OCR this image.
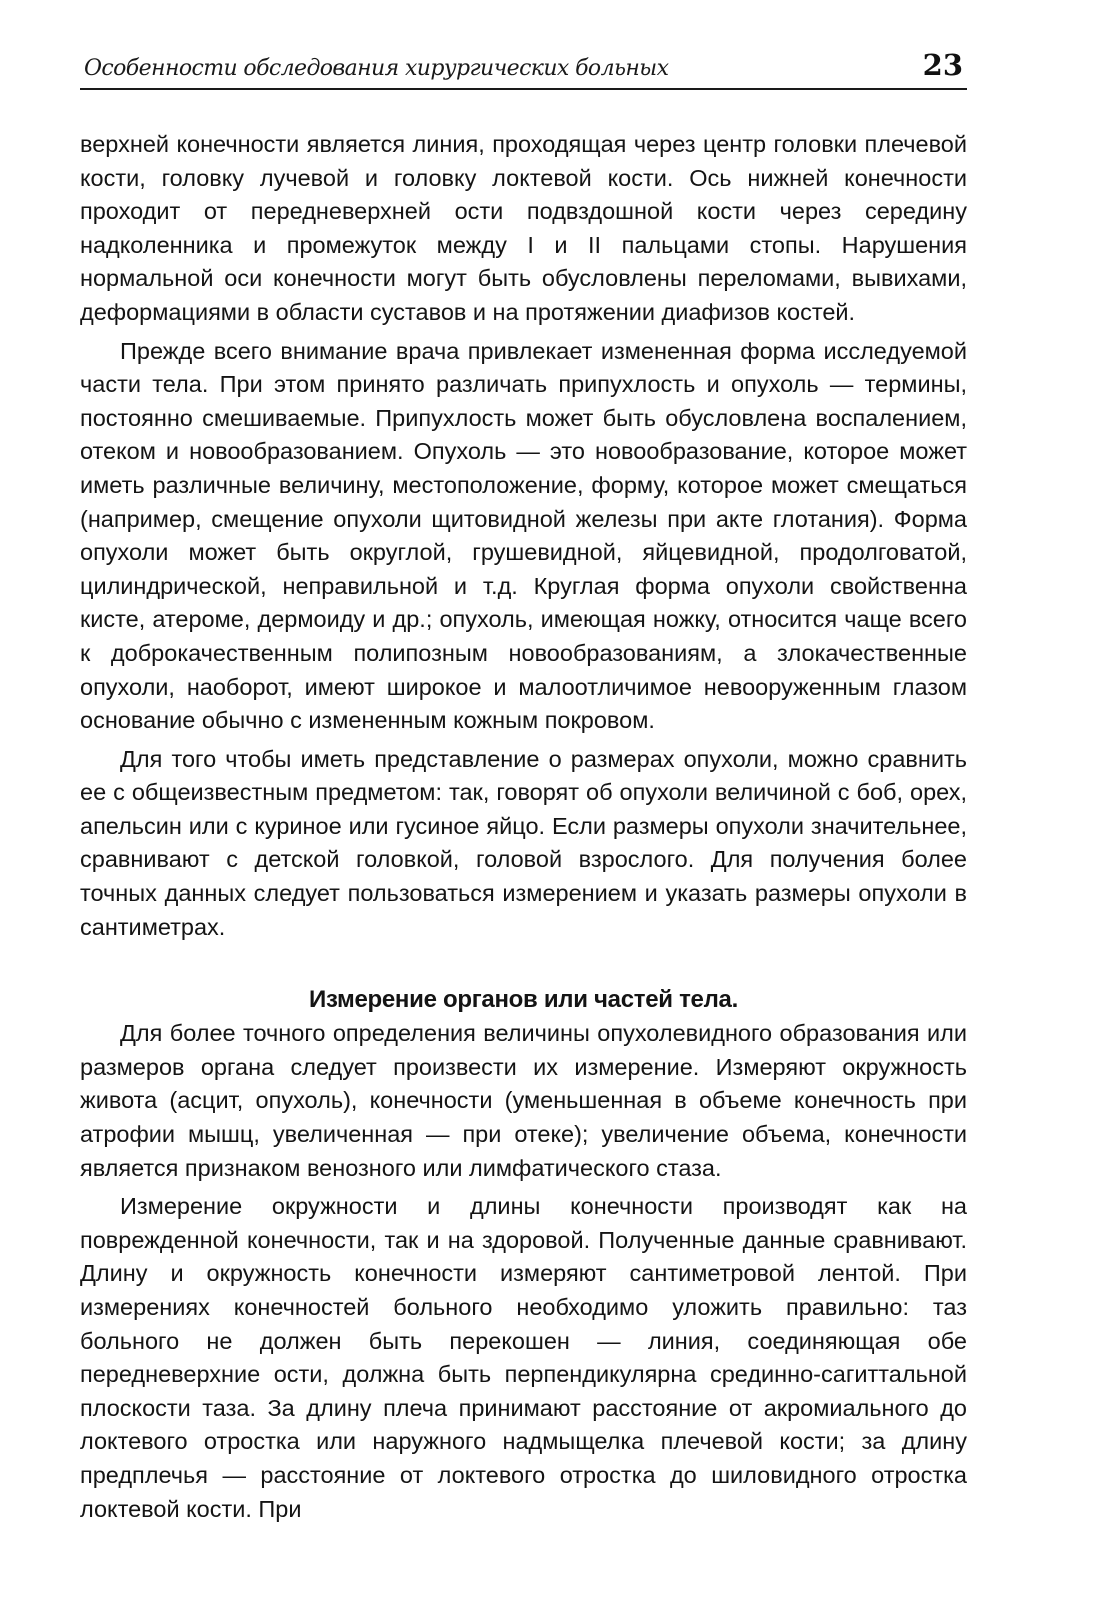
Особенности обследования хирургических больных	23

верхней конечности является линия, проходящая через центр головки плечевой кости, головку лучевой и головку локтевой кости. Ось нижней конечности проходит от передневерхней ости подвздошной кости через середину надколенника и промежуток между I и II пальцами стопы. Нарушения нормальной оси конечности могут быть обусловлены переломами, вывихами, деформациями в области суставов и на протяжении диафизов костей.

Прежде всего внимание врача привлекает измененная форма исследуемой части тела. При этом принято различать припухлость и опухоль — термины, постоянно смешиваемые. Припухлость может быть обусловлена воспалением, отеком и новообразованием. Опухоль — это новообразование, которое может иметь различные величину, местоположение, форму, которое может смещаться (например, смещение опухоли щитовидной железы при акте глотания). Форма опухоли может быть округлой, грушевидной, яйцевидной, продолговатой, цилиндрической, неправильной и т.д. Круглая форма опухоли свойственна кисте, атероме, дермоиду и др.; опухоль, имеющая ножку, относится чаще всего к доброкачественным полипозным новообразованиям, а злокачественные опухоли, наоборот, имеют широкое и малоотличимое невооруженным глазом основание обычно с измененным кожным покровом.

Для того чтобы иметь представление о размерах опухоли, можно сравнить ее с общеизвестным предметом: так, говорят об опухоли величиной с боб, орех, апельсин или с куриное или гусиное яйцо. Если размеры опухоли значительнее, сравнивают с детской головкой, головой взрослого. Для получения более точных данных следует пользоваться измерением и указать размеры опухоли в сантиметрах.

Измерение органов или частей тела.

Для более точного определения величины опухолевидного образования или размеров органа следует произвести их измерение. Измеряют окружность живота (асцит, опухоль), конечности (уменьшенная в объеме конечность при атрофии мышц, увеличенная — при отеке); увеличение объема, конечности является признаком венозного или лимфатического стаза.

Измерение окружности и длины конечности производят как на поврежденной конечности, так и на здоровой. Полученные данные сравнивают. Длину и окружность конечности измеряют сантиметровой лентой. При измерениях конечностей больного необходимо уложить правильно: таз больного не должен быть перекошен — линия, соединяющая обе передневерхние ости, должна быть перпендикулярна срединно-сагиттальной плоскости таза. За длину плеча принимают расстояние от акромиального до локтевого отростка или наружного надмыщелка плечевой кости; за длину предплечья — расстояние от локтевого отростка до шиловидного отростка локтевой кости. При
